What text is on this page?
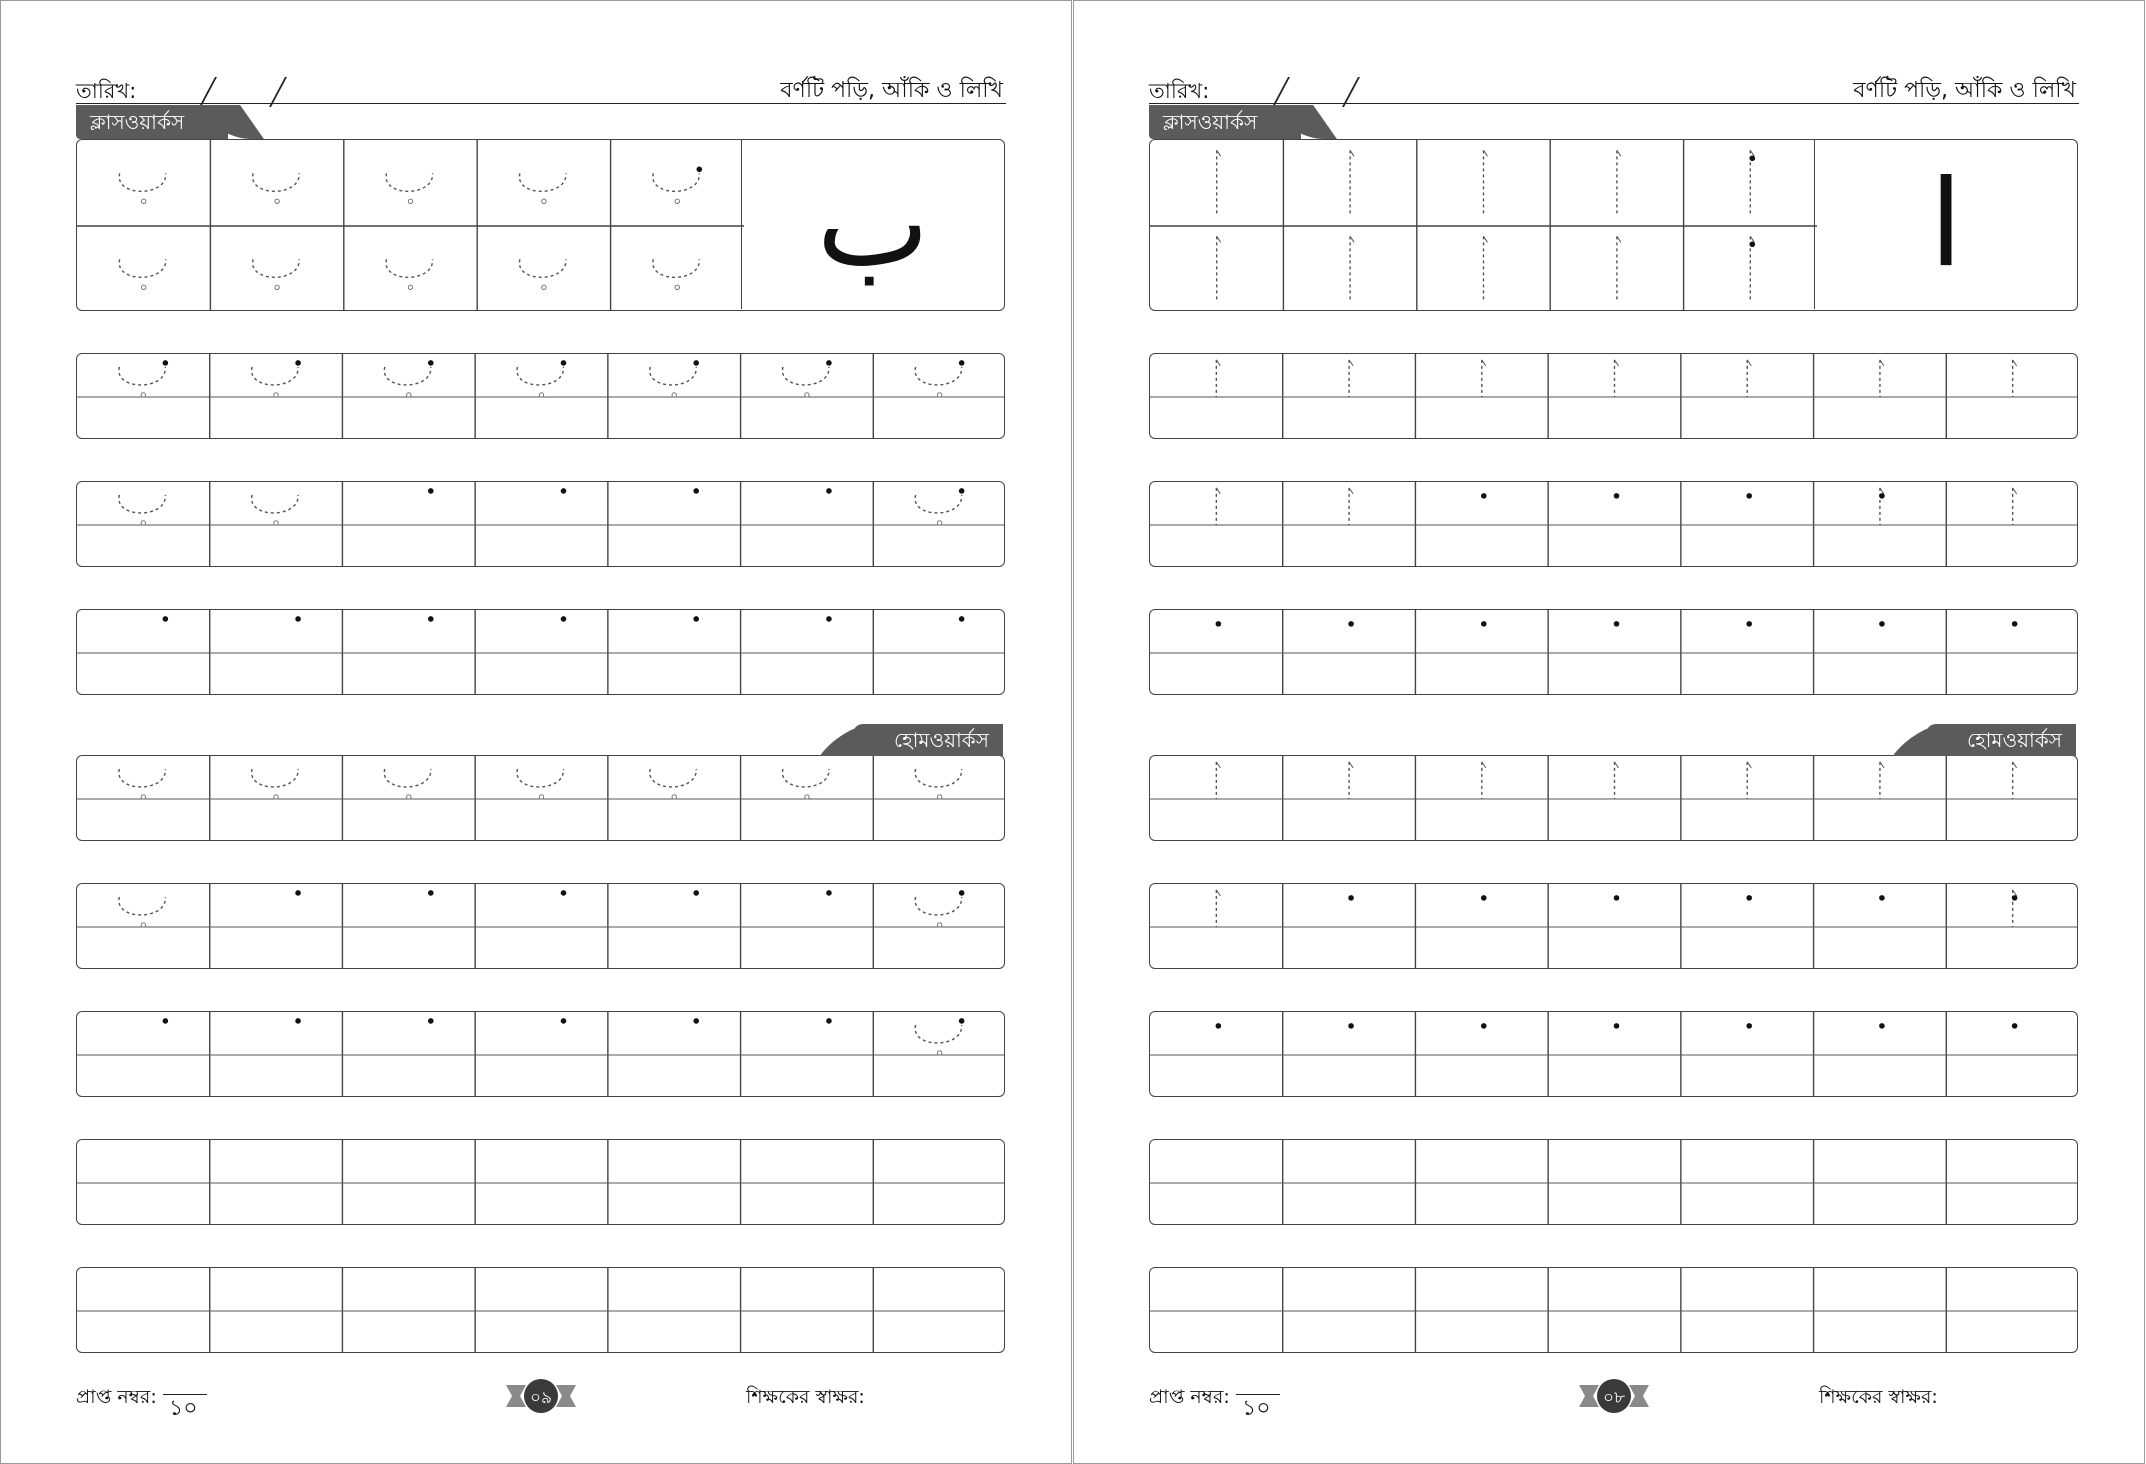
তারিখ:	বর্ণটি পড়ি, আঁকি ও লিখি
ক্লাসওয়ার্কস
ب
হোমওয়ার্কস
প্রাপ্ত নম্বর: ১০	০৯	শিক্ষকের স্বাক্ষর:
তারিখ:	বর্ণটি পড়ি, আঁকি ও লিখি
ক্লাসওয়ার্কস
ا
হোমওয়ার্কস
প্রাপ্ত নম্বর: ১০	০৮	শিক্ষকের স্বাক্ষর:
